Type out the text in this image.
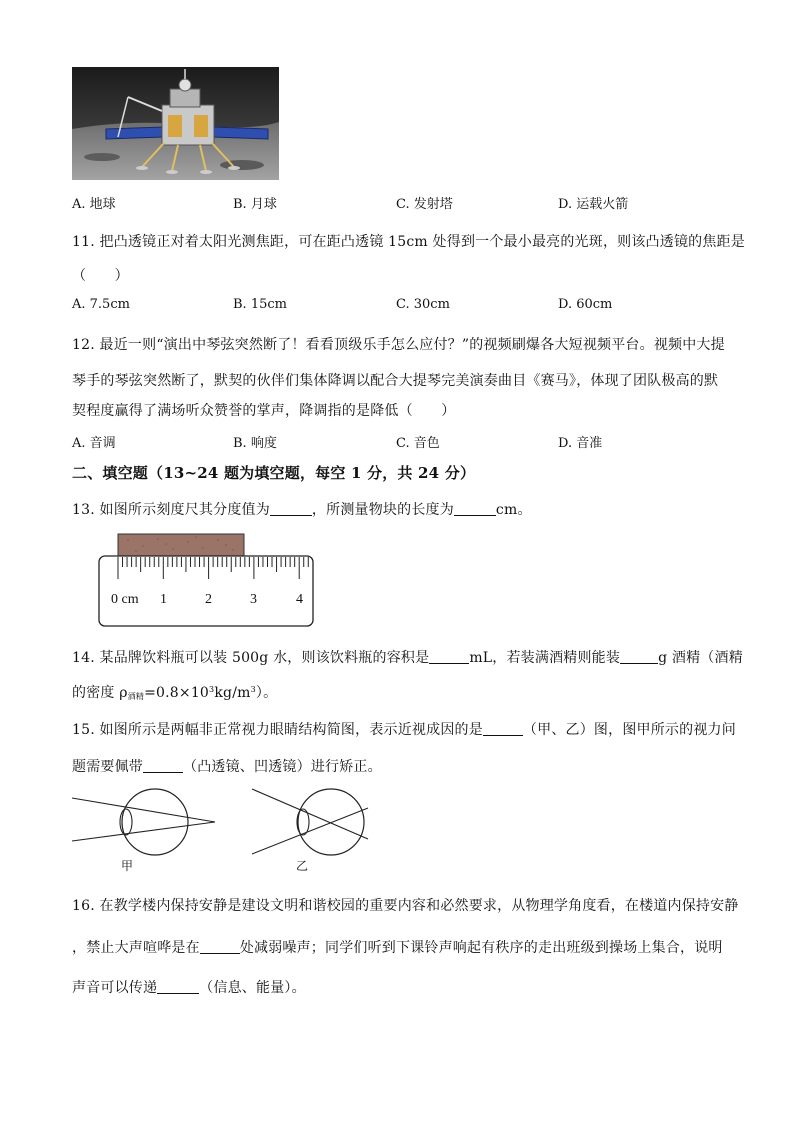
A. 地球	B. 月球	C. 发射塔	D. 运载火箭
11. 把凸透镜正对着太阳光测焦距，可在距凸透镜 15cm 处得到一个最小最亮的光斑，则该凸透镜的焦距是
（　　）
A. 7.5cm	B. 15cm	C. 30cm	D. 60cm
12. 最近一则“演出中琴弦突然断了！看看顶级乐手怎么应付？”的视频刷爆各大短视频平台。视频中大提
琴手的琴弦突然断了，默契的伙伴们集体降调以配合大提琴完美演奏曲目《赛马》，体现了团队极高的默
契程度赢得了满场听众赞誉的掌声，降调指的是降低（　　）
A. 音调	B. 响度	C. 音色	D. 音准
二、填空题（13~24 题为填空题，每空 1 分，共 24 分）
13. 如图所示刻度尺其分度值为	，所测量物块的长度为	cm。
0 cm 1	2	3	4
14. 某品牌饮料瓶可以装 500g 水，则该饮料瓶的容积是	mL，若装满酒精则能装	g 酒精（酒精
的密度 $\rho_{酒精}=0.8\times 10^3kg/m^3$）。
15. 如图所示是两幅非正常视力眼睛结构简图，表示近视成因的是	（甲、乙）图，图甲所示的视力问
题需要佩带	（凸透镜、凹透镜）进行矫正。
甲	乙
16. 在教学楼内保持安静是建设文明和谐校园的重要内容和必然要求，从物理学角度看，在楼道内保持安静
，禁止大声喧哗是在	处减弱噪声；同学们听到下课铃声响起有秩序的走出班级到操场上集合，说明
声音可以传递	（信息、能量）。
